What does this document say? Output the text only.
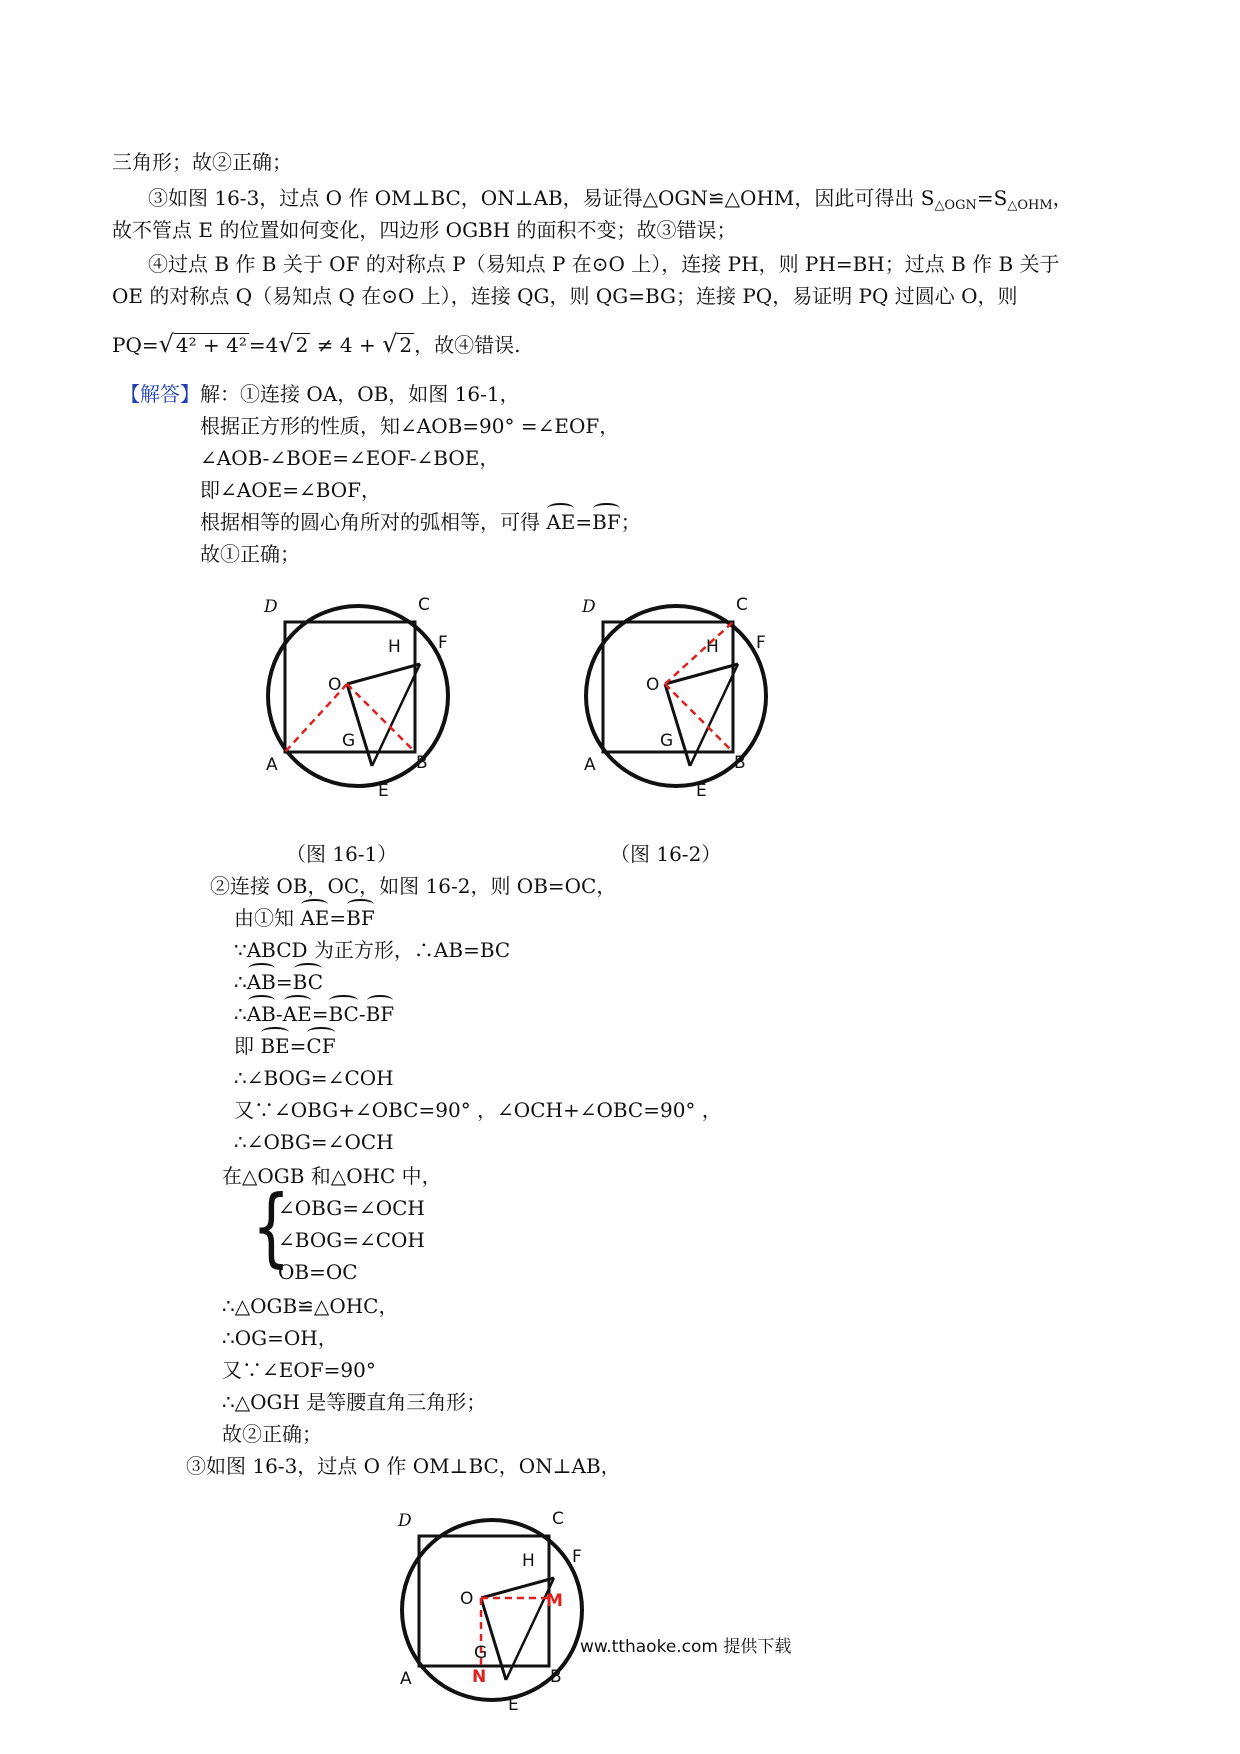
三角形；故②正确；
③如图 16-3，过点 O 作 OM⊥BC，ON⊥AB，易证得△OGN≌△OHM，因此可得出 $S_{\triangle OGN}=S_{\triangle OHM}$，
故不管点 E 的位置如何变化，四边形 OGBH 的面积不变；故③错误；
④过点 B 作 B 关于 OF 的对称点 P（易知点 P 在⊙O 上），连接 PH，则 PH=BH；过点 B 作 B 关于
OE 的对称点 Q（易知点 Q 在⊙O 上），连接 QG，则 QG=BG；连接 PQ，易证明 PQ 过圆心 O，则
PQ=√ 4² + 4² =4√ 2 ≠ 4 + √ 2 ，故④错误.
【解答】解：①连接 OA，OB，如图 16-1，
根据正方形的性质，知∠AOB=90° =∠EOF，
∠AOB-∠BOE=∠EOF-∠BOE，
即∠AOE=∠BOF，
根据相等的圆心角所对的弧相等，可得 AE=BF；
故①正确；
D	C
H F
O
G
A	B
E
D	C
H F
O
G
A	B
E
（图 16-1）	（图 16-2）
②连接 OB，OC，如图 16-2，则 OB=OC，
由①知 AE=BF
∵ABCD 为正方形，∴AB=BC
∴AB=BC
∴AB-AE=BC-BF
即 BE=CF
∴∠BOG=∠COH
又∵∠OBG+∠OBC=90° ，∠OCH+∠OBC=90° ，
∴∠OBG=∠OCH
在△OGB 和△OHC 中，
{
∠OBG=∠OCH
∠BOG=∠COH
OB=OC
∴△OGB≌△OHC，
∴OG=OH，
又∵∠EOF=90°
∴△OGH 是等腰直角三角形；
故②正确；
③如图 16-3，过点 O 作 OM⊥BC，ON⊥AB，
D	C
H F
O	M
G
N
A	B
E
ww.tthaoke.com 提供下载
